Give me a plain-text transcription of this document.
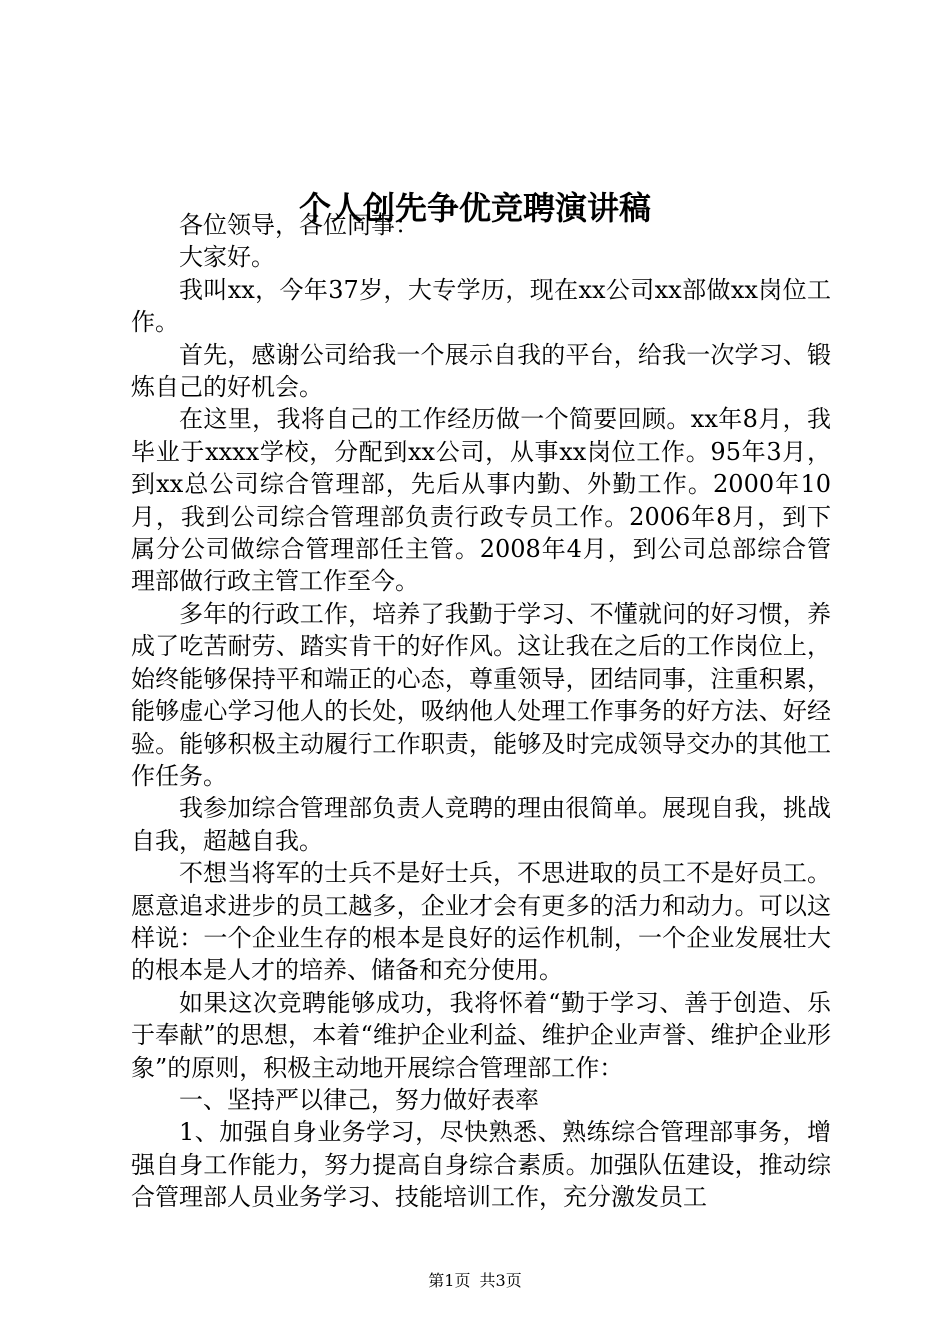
个人创先争优竞聘演讲稿

各位领导，各位同事：

大家好。

我叫xx，今年37岁，大专学历，现在xx公司xx部做xx岗位工作。

首先，感谢公司给我一个展示自我的平台，给我一次学习、锻炼自己的好机会。

在这里，我将自己的工作经历做一个简要回顾。xx年8月，我毕业于xxxx学校，分配到xx公司，从事xx岗位工作。95年3月，到xx总公司综合管理部，先后从事内勤、外勤工作。2000年10月，我到公司综合管理部负责行政专员工作。2006年8月，到下属分公司做综合管理部任主管。2008年4月，到公司总部综合管理部做行政主管工作至今。

多年的行政工作，培养了我勤于学习、不懂就问的好习惯，养成了吃苦耐劳、踏实肯干的好作风。这让我在之后的工作岗位上，始终能够保持平和端正的心态，尊重领导，团结同事，注重积累，能够虚心学习他人的长处，吸纳他人处理工作事务的好方法、好经验。能够积极主动履行工作职责，能够及时完成领导交办的其他工作任务。

我参加综合管理部负责人竞聘的理由很简单。展现自我，挑战自我，超越自我。

不想当将军的士兵不是好士兵，不思进取的员工不是好员工。愿意追求进步的员工越多，企业才会有更多的活力和动力。可以这样说：一个企业生存的根本是良好的运作机制，一个企业发展壮大的根本是人才的培养、储备和充分使用。

如果这次竞聘能够成功，我将怀着“勤于学习、善于创造、乐于奉献”的思想，本着“维护企业利益、维护企业声誉、维护企业形象”的原则，积极主动地开展综合管理部工作：

一、坚持严以律己，努力做好表率

1、加强自身业务学习，尽快熟悉、熟练综合管理部事务，增强自身工作能力，努力提高自身综合素质。加强队伍建设，推动综合管理部人员业务学习、技能培训工作，充分激发员工

第1页 共3页
